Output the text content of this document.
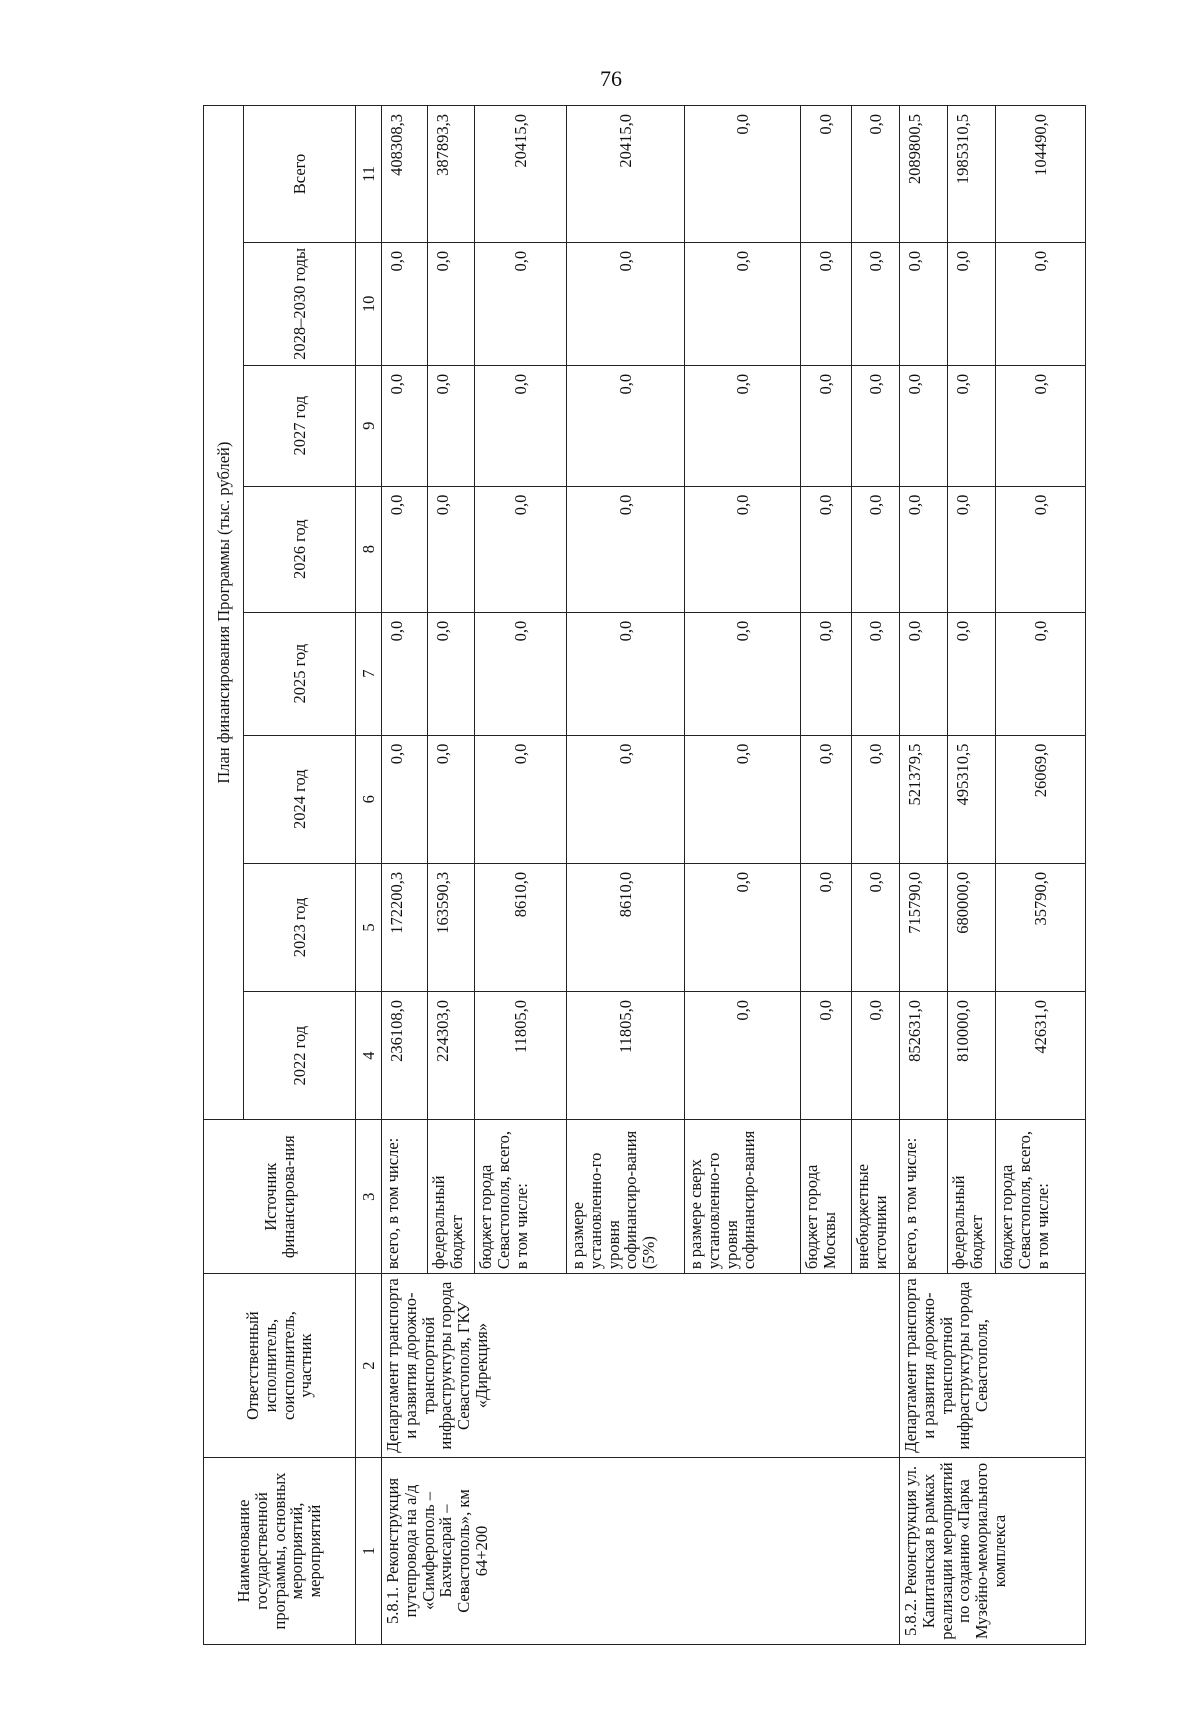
76
Наименование государственной программы, основных мероприятий, мероприятий	Ответственный исполнитель, соисполнитель, участник	Источник финансирова-ния	План финансирования Программы (тыс. рублей)							
			2022 год	2023 год	2024 год	2025 год	2026 год	2027 год	2028–2030 годы	Всего
1	2	3	4	5	6	7	8	9	10	11
5.8.1. Реконструкция путепровода на а/д «Симферополь – Бахчисарай – Севастополь», км 64+200	Департамент транспорта и развития дорожно-транспортной инфраструктуры города Севастополя, ГКУ «Дирекция»	всего, в том числе:	236108,0	172200,3	0,0	0,0	0,0	0,0	0,0	408308,3
		федеральный бюджет	224303,0	163590,3	0,0	0,0	0,0	0,0	0,0	387893,3
		бюджет города Севастополя, всего, в том числе:	11805,0	8610,0	0,0	0,0	0,0	0,0	0,0	20415,0
		в размере установленно-го уровня софинансиро-вания (5%)	11805,0	8610,0	0,0	0,0	0,0	0,0	0,0	20415,0
		в размере сверх установленно-го уровня софинансиро-вания	0,0	0,0	0,0	0,0	0,0	0,0	0,0	0,0
		бюджет города Москвы	0,0	0,0	0,0	0,0	0,0	0,0	0,0	0,0
		внебюджетные источники	0,0	0,0	0,0	0,0	0,0	0,0	0,0	0,0
5.8.2. Реконструкция ул. Капитанская в рамках реализации мероприятий по созданию «Парка Музейно-мемориального комплекса	Департамент транспорта и развития дорожно-транспортной инфраструктуры города Севастополя,	всего, в том числе:	852631,0	715790,0	521379,5	0,0	0,0	0,0	0,0	2089800,5
		федеральный бюджет	810000,0	680000,0	495310,5	0,0	0,0	0,0	0,0	1985310,5
		бюджет города Севастополя, всего, в том числе:	42631,0	35790,0	26069,0	0,0	0,0	0,0	0,0	104490,0
